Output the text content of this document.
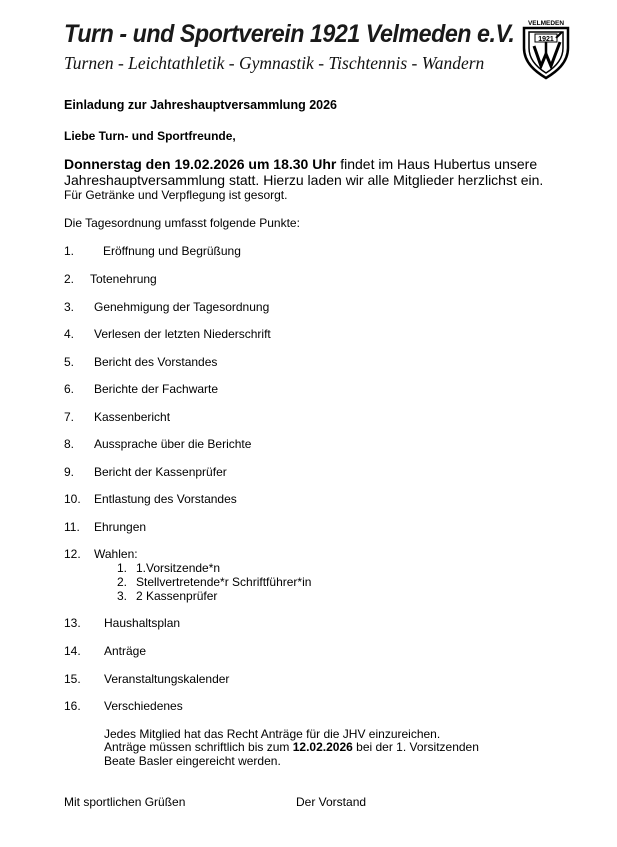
Turn - und Sportverein 1921 Velmeden e.V.
Turnen - Leichtathletik - Gymnastik - Tischtennis - Wandern
VELMEDEN
1921
Einladung zur Jahreshauptversammlung 2026
Liebe Turn- und Sportfreunde,
Donnerstag den 19.02.2026 um 18.30 Uhr findet im Haus Hubertus unsere
Jahreshauptversammlung statt. Hierzu laden wir alle Mitglieder herzlichst ein.
Für Getränke und Verpflegung ist gesorgt.
Die Tagesordnung umfasst folgende Punkte:
1. Eröffnung und Begrüßung
2. Totenehrung
3. Genehmigung der Tagesordnung
4. Verlesen der letzten Niederschrift
5. Bericht des Vorstandes
6. Berichte der Fachwarte
7. Kassenbericht
8. Aussprache über die Berichte
9. Bericht der Kassenprüfer
10. Entlastung des Vorstandes
11. Ehrungen
12. Wahlen:
1. 1.Vorsitzende*n
2. Stellvertretende*r Schriftführer*in
3. 2 Kassenprüfer
13. Haushaltsplan
14. Anträge
15. Veranstaltungskalender
16. Verschiedenes
Jedes Mitglied hat das Recht Anträge für die JHV einzureichen.
Anträge müssen schriftlich bis zum 12.02.2026 bei der 1. Vorsitzenden
Beate Basler eingereicht werden.
Mit sportlichen Grüßen	Der Vorstand
